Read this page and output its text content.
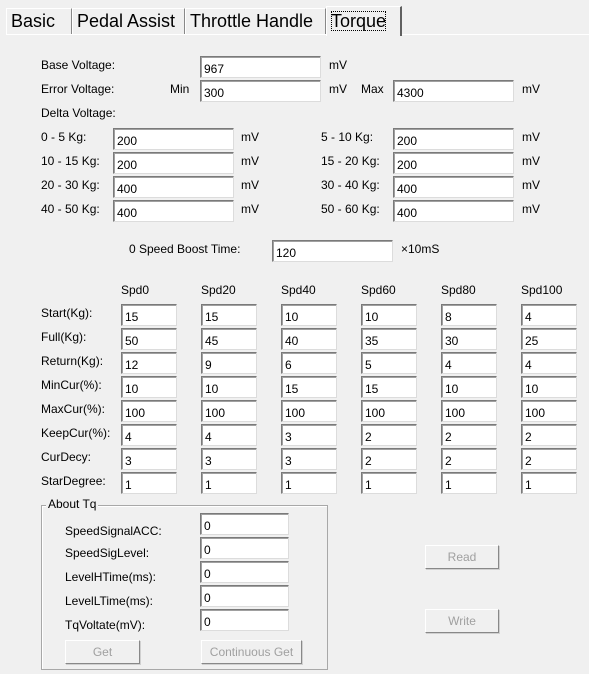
Basic	Pedal Assist Throttle Handle Torque
Base Voltage:	967	mV
Error Voltage:	Min	300	mV Max	4300	mV
Delta Voltage:
0 - 5 Kg:	200	mV	5 - 10 Kg:	200	mV
10 - 15 Kg:	200	mV	15 - 20 Kg:	200	mV
20 - 30 Kg:	400	mV	30 - 40 Kg:	400	mV
40 - 50 Kg:	400	mV	50 - 60 Kg:	400	mV
0 Speed Boost Time:	120	×10mS
Spd0	Spd20	Spd40	Spd60	Spd80	Spd100
Start(Kg):	15	15	10	10	8	4
Full(Kg):	50	45	40	35	30	25
Return(Kg):	12	9	6	5	4	4
MinCur(%):	10	10	15	15	10	10
MaxCur(%):	100	100	100	100	100	100
KeepCur(%):	4	4	3	2	2	2
CurDecy:	3	3	3	2	2	2
StarDegree:	1	1	1	1	1	1
About Tq
SpeedSignalACC:	0
SpeedSigLevel:	0
LevelHTime(ms):	0
LevelLTime(ms):	0
TqVoltate(mV):	0
Get	Continuous Get
Read
Write
